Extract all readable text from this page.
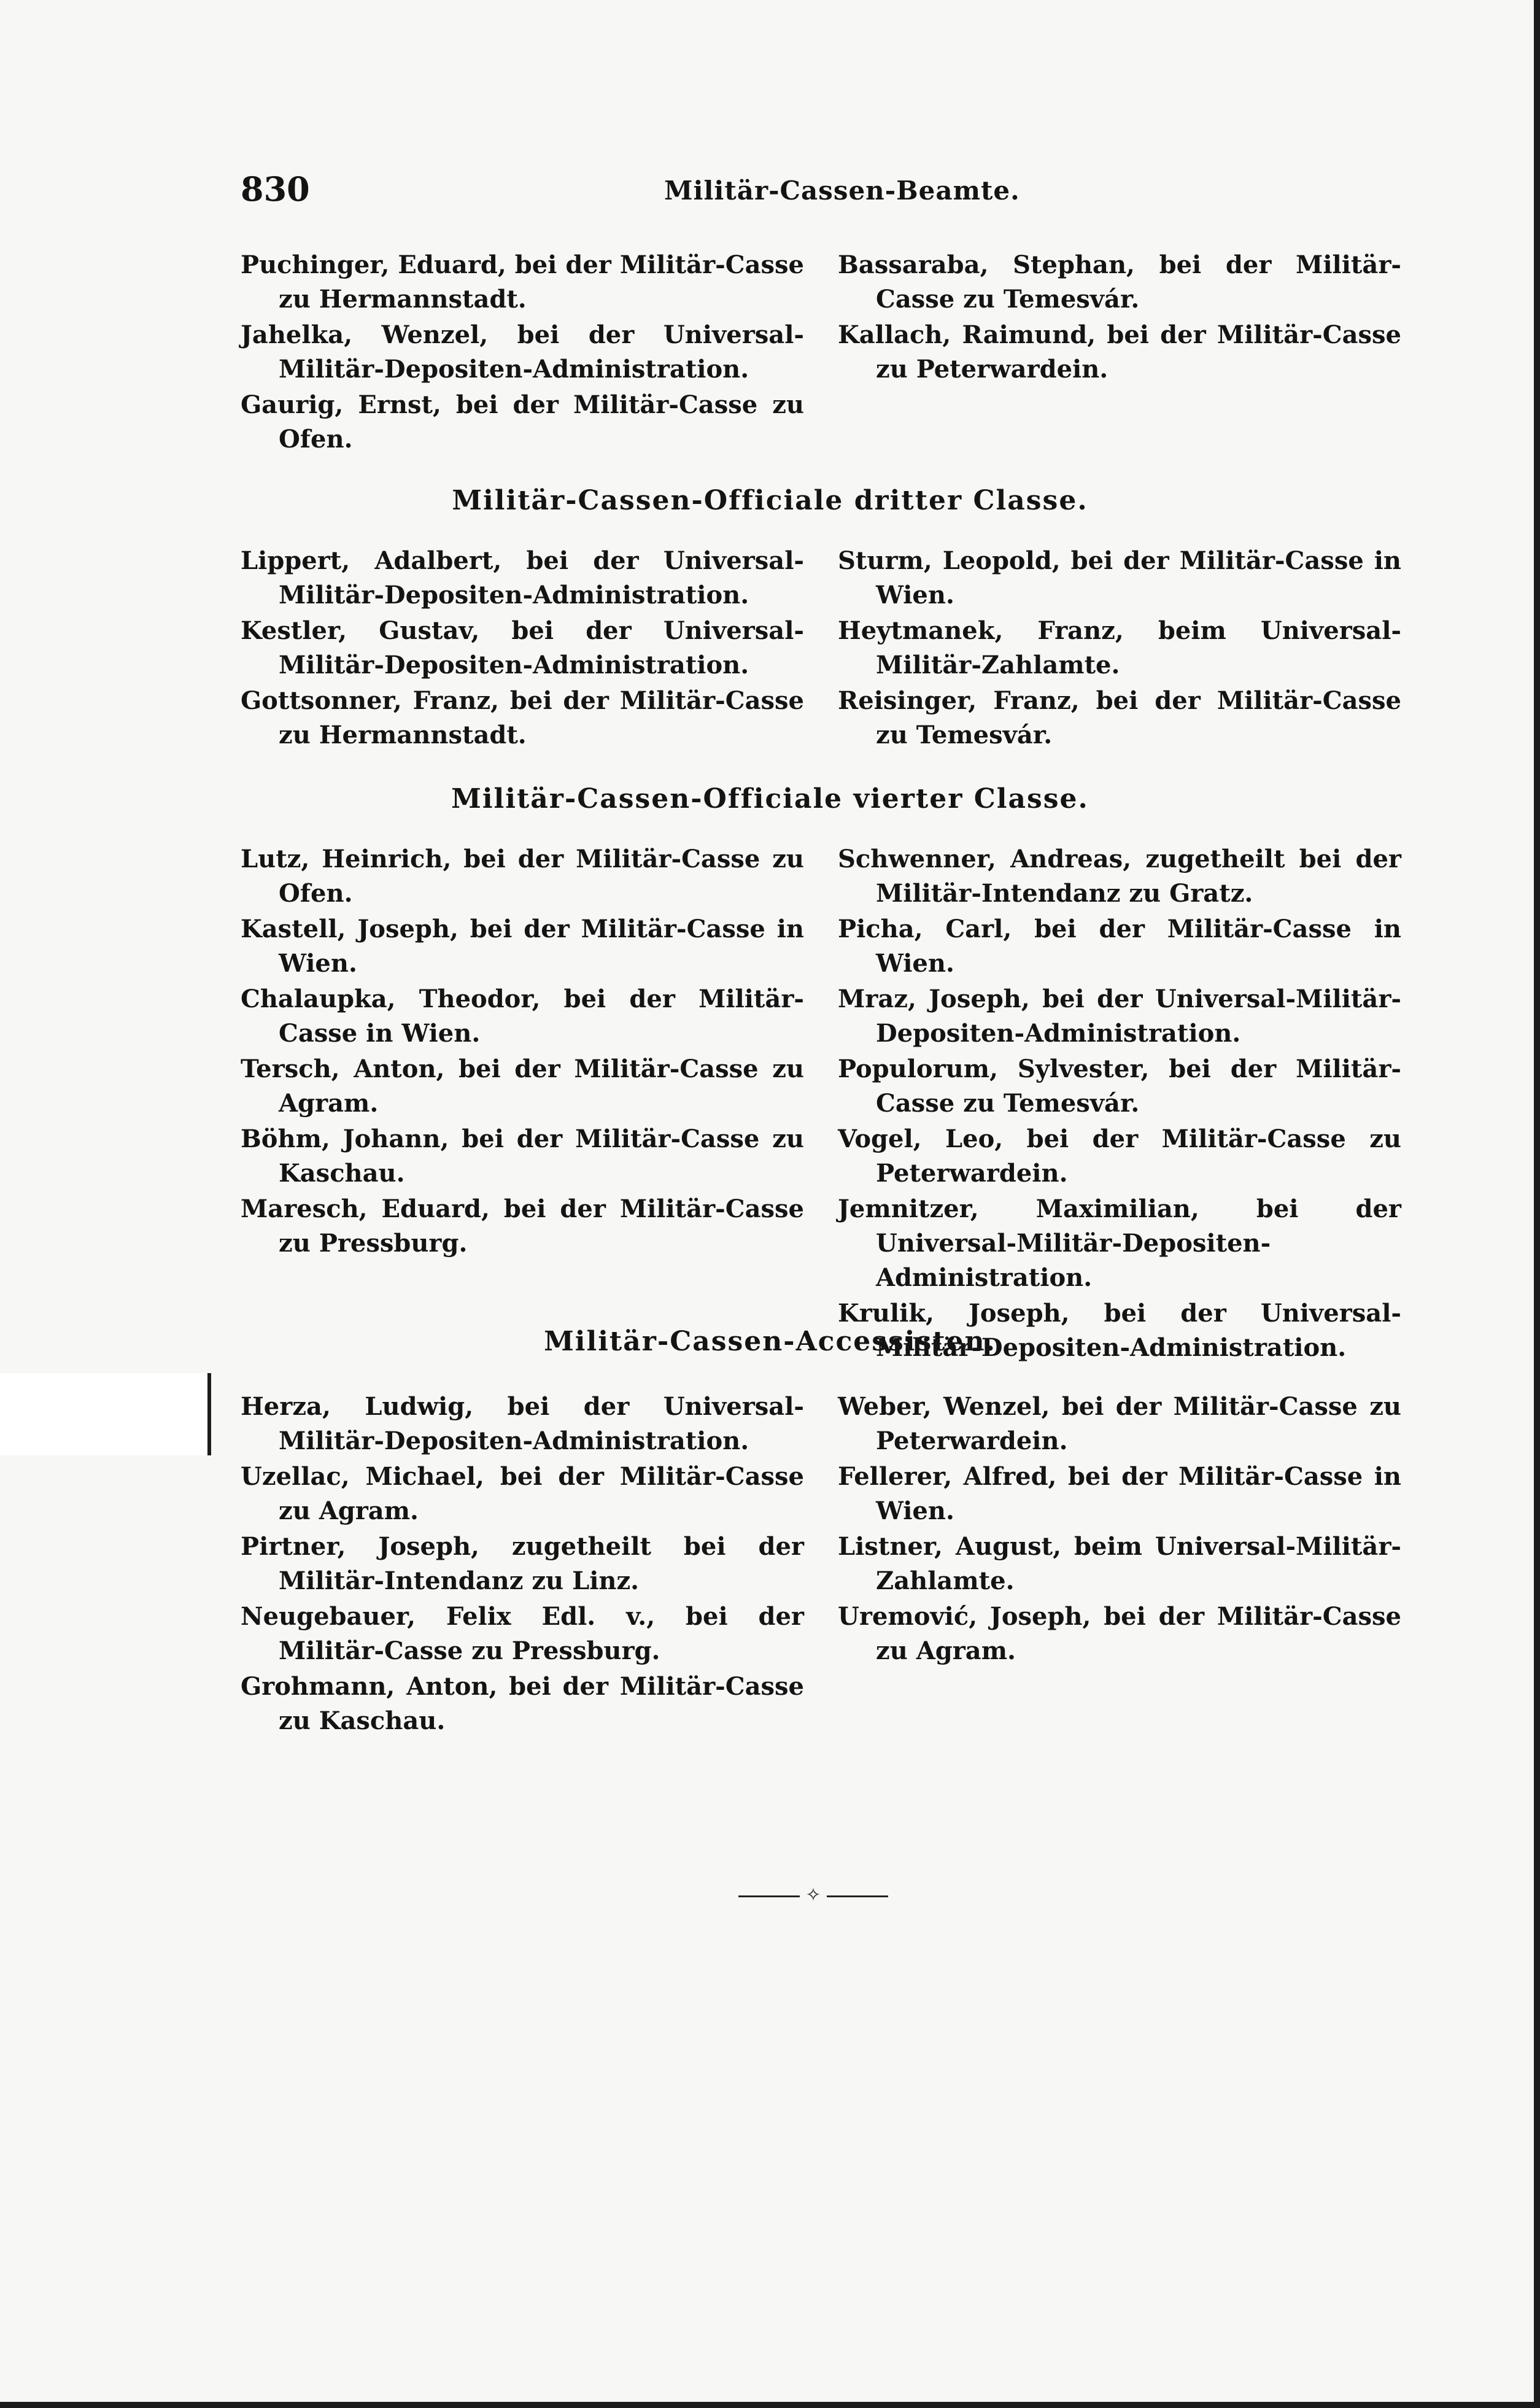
830	Militär-Cassen-Beamte.

Puchinger, Eduard, bei der Militär-Casse zu Hermannstadt.

Jahelka, Wenzel, bei der Universal-Militär-Depositen-Administration.

Gaurig, Ernst, bei der Militär-Casse zu Ofen.

Bassaraba, Stephan, bei der Militär-Casse zu Temesvár.

Kallach, Raimund, bei der Militär-Casse zu Peterwardein.

Militär-Cassen-Officiale dritter Classe.

Lippert, Adalbert, bei der Universal-Militär-Depositen-Administration.

Kestler, Gustav, bei der Universal-Militär-Depositen-Administration.

Gottsonner, Franz, bei der Militär-Casse zu Hermannstadt.

Sturm, Leopold, bei der Militär-Casse in Wien.

Heytmanek, Franz, beim Universal-Militär-Zahlamte.

Reisinger, Franz, bei der Militär-Casse zu Temesvár.

Militär-Cassen-Officiale vierter Classe.

Lutz, Heinrich, bei der Militär-Casse zu Ofen.

Kastell, Joseph, bei der Militär-Casse in Wien.

Chalaupka, Theodor, bei der Militär-Casse in Wien.

Tersch, Anton, bei der Militär-Casse zu Agram.

Böhm, Johann, bei der Militär-Casse zu Kaschau.

Maresch, Eduard, bei der Militär-Casse zu Pressburg.

Schwenner, Andreas, zugetheilt bei der Militär-Intendanz zu Gratz.

Picha, Carl, bei der Militär-Casse in Wien.

Mraz, Joseph, bei der Universal-Militär-Depositen-Administration.

Populorum, Sylvester, bei der Militär-Casse zu Temesvár.

Vogel, Leo, bei der Militär-Casse zu Peterwardein.

Jemnitzer, Maximilian, bei der Universal-Militär-Depositen-Administration.

Krulik, Joseph, bei der Universal-Militär-Depositen-Administration.

Militär-Cassen-Accessisten.

Herza, Ludwig, bei der Universal-Militär-Depositen-Administration.

Uzellac, Michael, bei der Militär-Casse zu Agram.

Pirtner, Joseph, zugetheilt bei der Militär-Intendanz zu Linz.

Neugebauer, Felix Edl. v., bei der Militär-Casse zu Pressburg.

Grohmann, Anton, bei der Militär-Casse zu Kaschau.

Weber, Wenzel, bei der Militär-Casse zu Peterwardein.

Fellerer, Alfred, bei der Militär-Casse in Wien.

Listner, August, beim Universal-Militär-Zahlamte.

Uremović, Joseph, bei der Militär-Casse zu Agram.

✧
